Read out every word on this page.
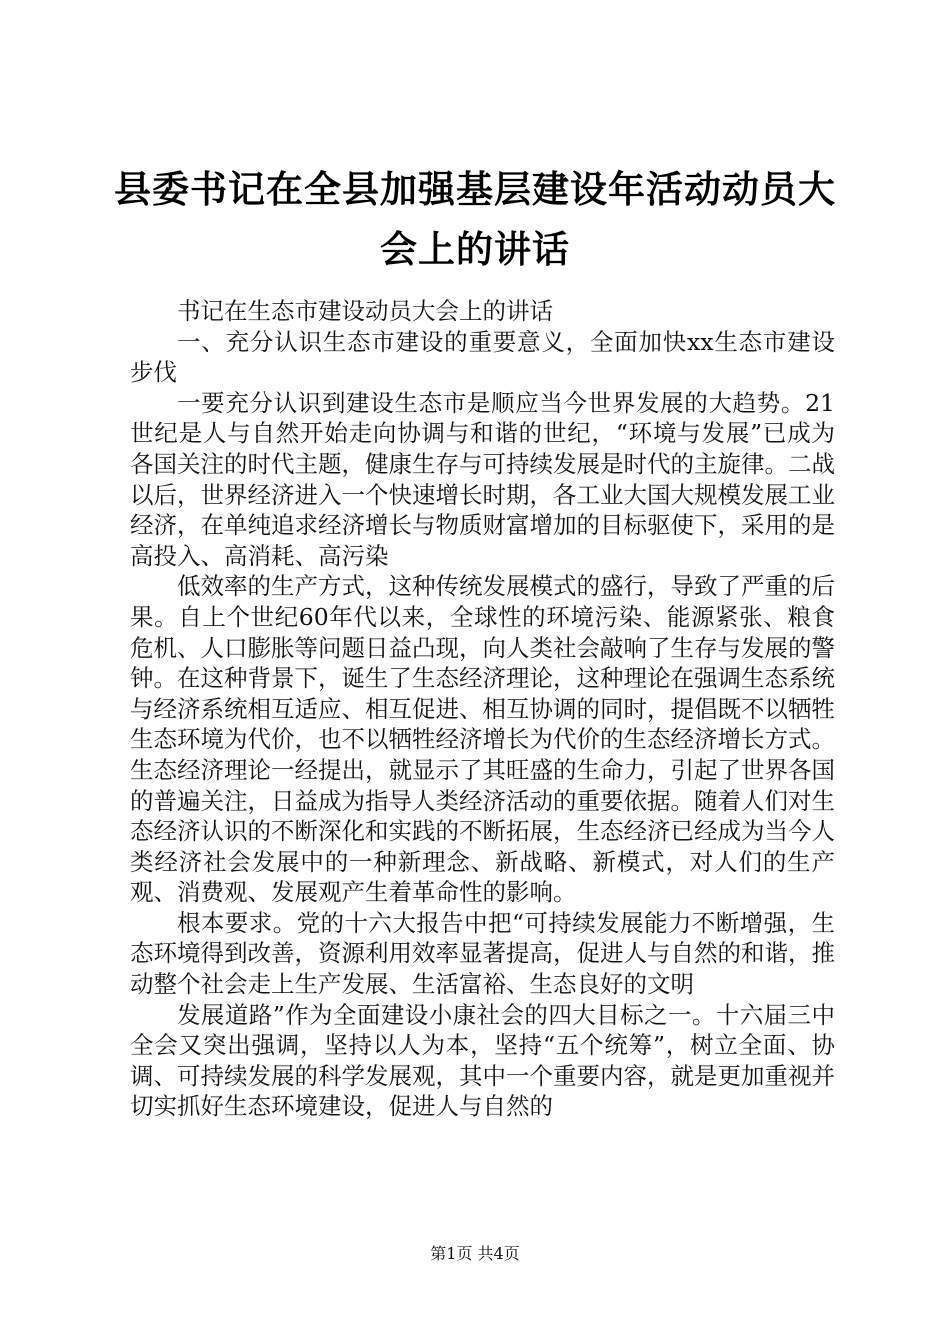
县委书记在全县加强基层建设年活动动员大会上的讲话

书记在生态市建设动员大会上的讲话

一、充分认识生态市建设的重要意义，全面加快xx生态市建设步伐

一要充分认识到建设生态市是顺应当今世界发展的大趋势。21世纪是人与自然开始走向协调与和谐的世纪，“环境与发展”已成为各国关注的时代主题，健康生存与可持续发展是时代的主旋律。二战以后，世界经济进入一个快速增长时期，各工业大国大规模发展工业经济，在单纯追求经济增长与物质财富增加的目标驱使下，采用的是高投入、高消耗、高污染

低效率的生产方式，这种传统发展模式的盛行，导致了严重的后果。自上个世纪60年代以来，全球性的环境污染、能源紧张、粮食危机、人口膨胀等问题日益凸现，向人类社会敲响了生存与发展的警钟。在这种背景下，诞生了生态经济理论，这种理论在强调生态系统与经济系统相互适应、相互促进、相互协调的同时，提倡既不以牺牲生态环境为代价，也不以牺牲经济增长为代价的生态经济增长方式。生态经济理论一经提出，就显示了其旺盛的生命力，引起了世界各国的普遍关注，日益成为指导人类经济活动的重要依据。随着人们对生态经济认识的不断深化和实践的不断拓展，生态经济已经成为当今人类经济社会发展中的一种新理念、新战略、新模式，对人们的生产观、消费观、发展观产生着革命性的影响。

根本要求。党的十六大报告中把“可持续发展能力不断增强，生态环境得到改善，资源利用效率显著提高，促进人与自然的和谐，推动整个社会走上生产发展、生活富裕、生态良好的文明

发展道路”作为全面建设小康社会的四大目标之一。十六届三中全会又突出强调，坚持以人为本，坚持“五个统筹”，树立全面、协调、可持续发展的科学发展观，其中一个重要内容，就是更加重视并切实抓好生态环境建设，促进人与自然的

第1页 共4页
